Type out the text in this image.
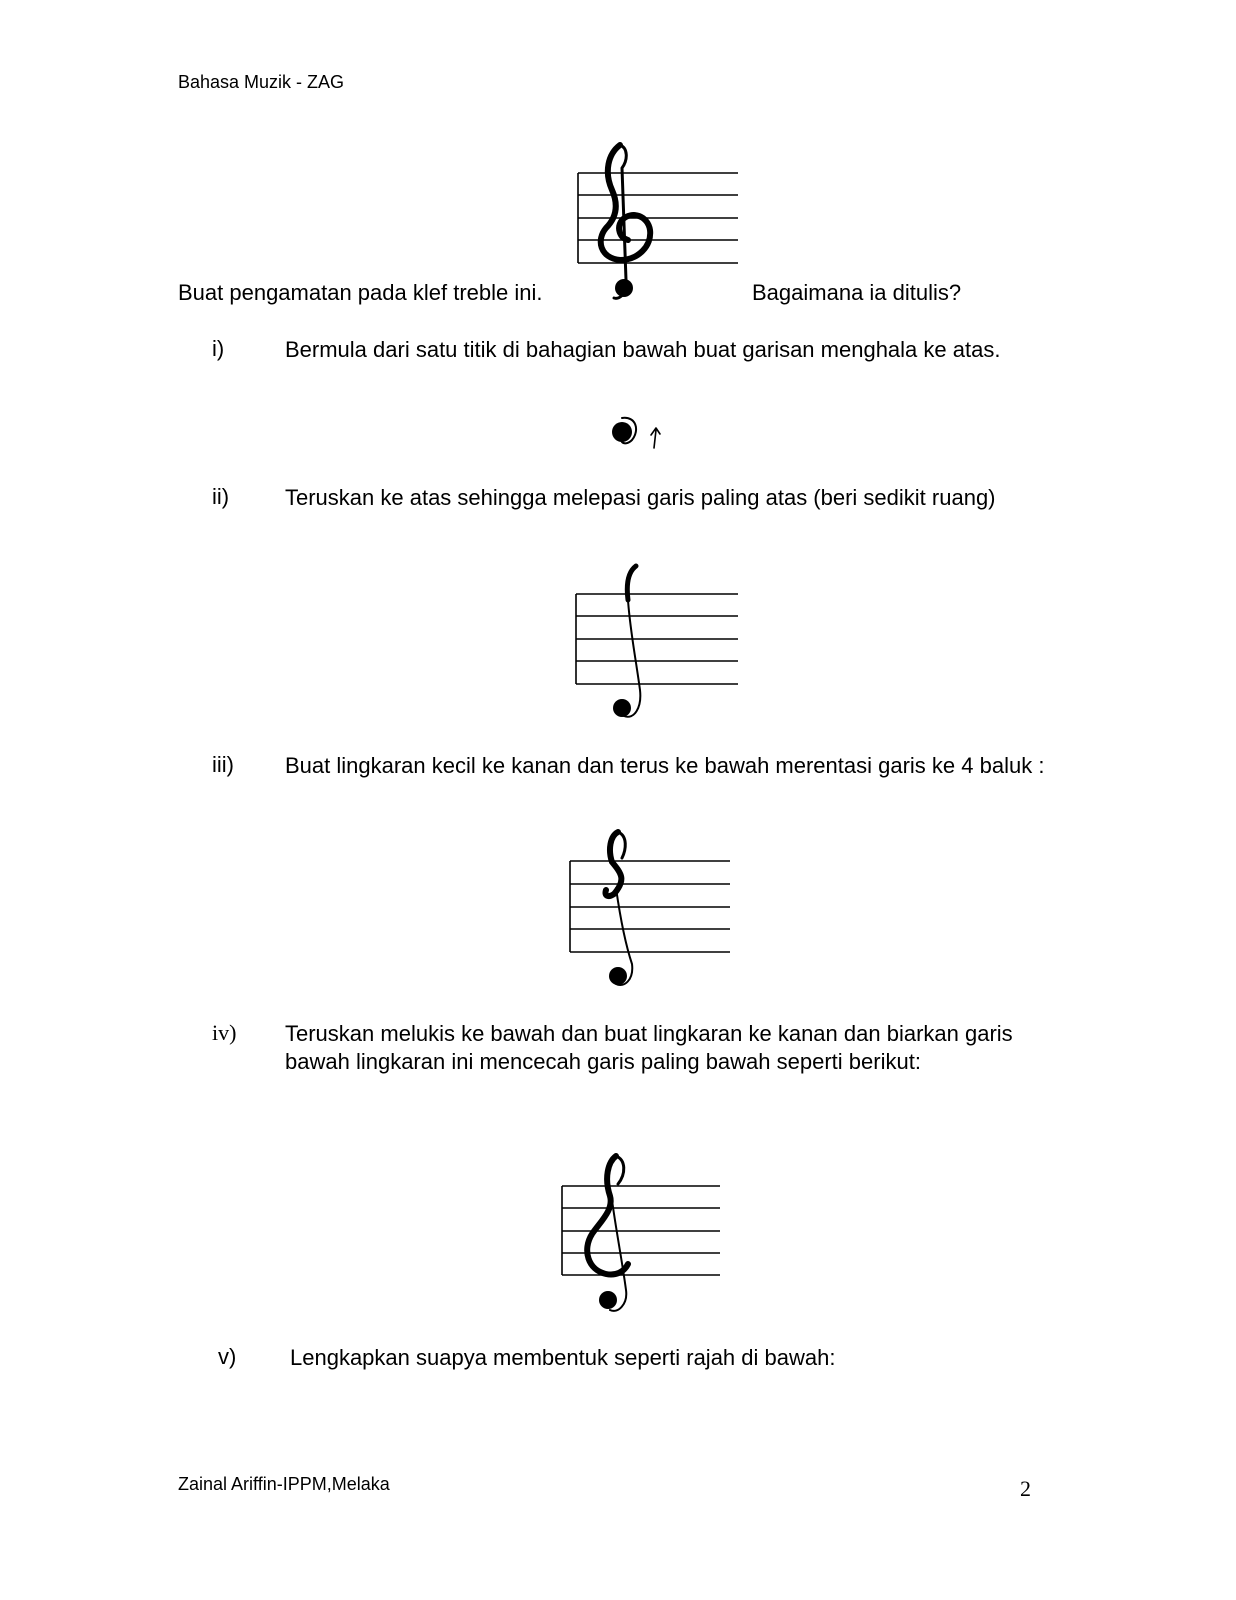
Bahasa Muzik - ZAG
Buat pengamatan pada klef treble ini.	Bagaimana ia ditulis?
i)	Bermula dari satu titik di bahagian bawah buat garisan menghala ke atas.
ii)	Teruskan ke atas sehingga melepasi garis paling atas (beri sedikit ruang)
iii) Buat lingkaran kecil ke kanan dan terus ke bawah merentasi garis ke 4 baluk :
iv) Teruskan melukis ke bawah dan buat lingkaran ke kanan dan biarkan garis bawah lingkaran ini mencecah garis paling bawah seperti berikut:
v) Lengkapkan suapya membentuk seperti rajah di bawah:
Zainal Ariffin-IPPM,Melaka	2
